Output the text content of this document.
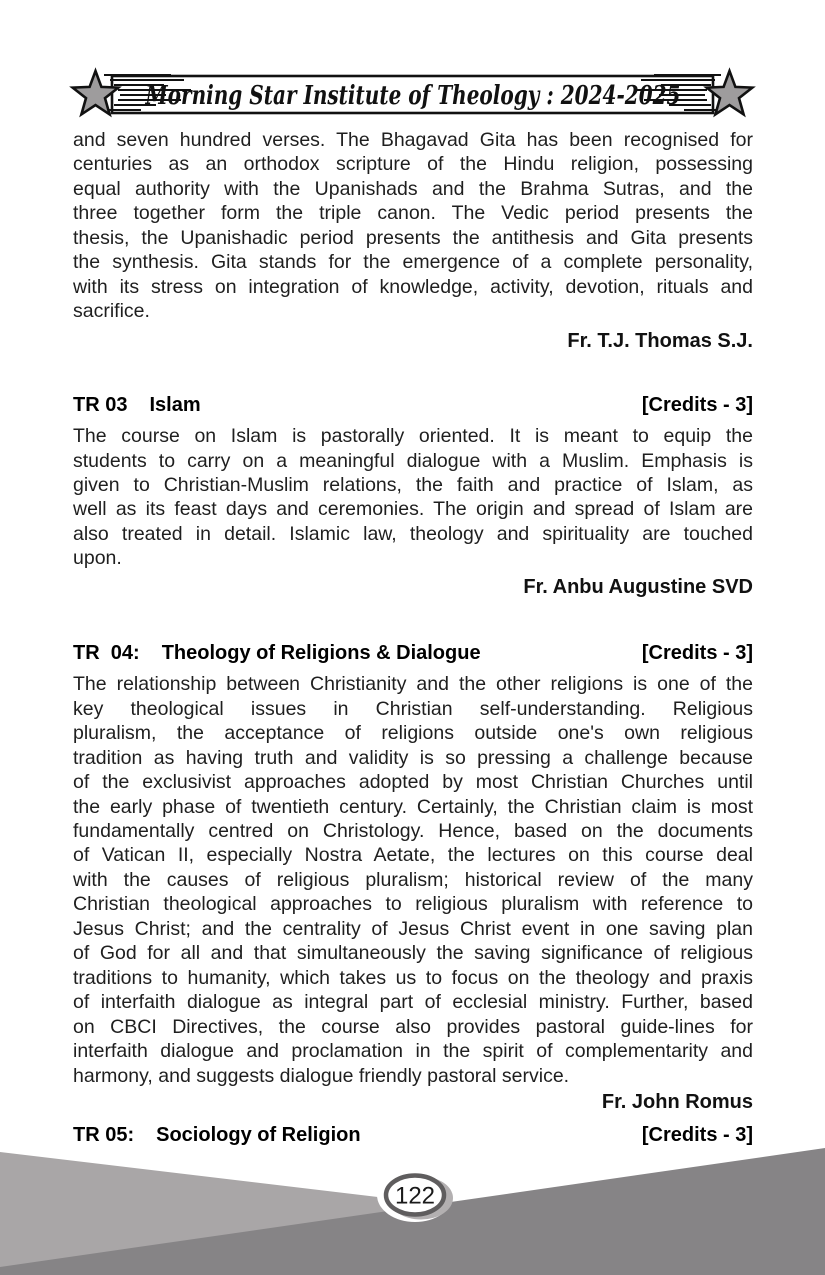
Morning Star Institute of Theology : 2024-2025
and seven hundred verses. The Bhagavad Gita has been recognised for
centuries as an orthodox scripture of the Hindu religion, possessing
equal authority with the Upanishads and the Brahma Sutras, and the
three together form the triple canon. The Vedic period presents the
thesis, the Upanishadic period presents the antithesis and Gita presents
the synthesis. Gita stands for the emergence of a complete personality,
with its stress on integration of knowledge, activity, devotion, rituals and
sacrifice.
Fr. T.J. Thomas S.J.
TR 03 Islam	[Credits - 3]
The course on Islam is pastorally oriented. It is meant to equip the
students to carry on a meaningful dialogue with a Muslim. Emphasis is
given to Christian-Muslim relations, the faith and practice of Islam, as
well as its feast days and ceremonies. The origin and spread of Islam are
also treated in detail. Islamic law, theology and spirituality are touched
upon.
Fr. Anbu Augustine SVD
TR  04: Theology of Religions & Dialogue	[Credits - 3]
The relationship between Christianity and the other religions is one of the
key theological issues in Christian self-understanding. Religious
pluralism, the acceptance of religions outside one's own religious
tradition as having truth and validity is so pressing a challenge because
of the exclusivist approaches adopted by most Christian Churches until
the early phase of twentieth century. Certainly, the Christian claim is most
fundamentally centred on Christology. Hence, based on the documents
of Vatican II, especially Nostra Aetate, the lectures on this course deal
with the causes of religious pluralism; historical review of the many
Christian theological approaches to religious pluralism with reference to
Jesus Christ; and the centrality of Jesus Christ event in one saving plan
of God for all and that simultaneously the saving significance of religious
traditions to humanity, which takes us to focus on the theology and praxis
of interfaith dialogue as integral part of ecclesial ministry. Further, based
on CBCI Directives, the course also provides pastoral guide-lines for
interfaith dialogue and proclamation in the spirit of complementarity and
harmony, and suggests dialogue friendly pastoral service.
Fr. John Romus
TR 05: Sociology of Religion	[Credits - 3]
122
